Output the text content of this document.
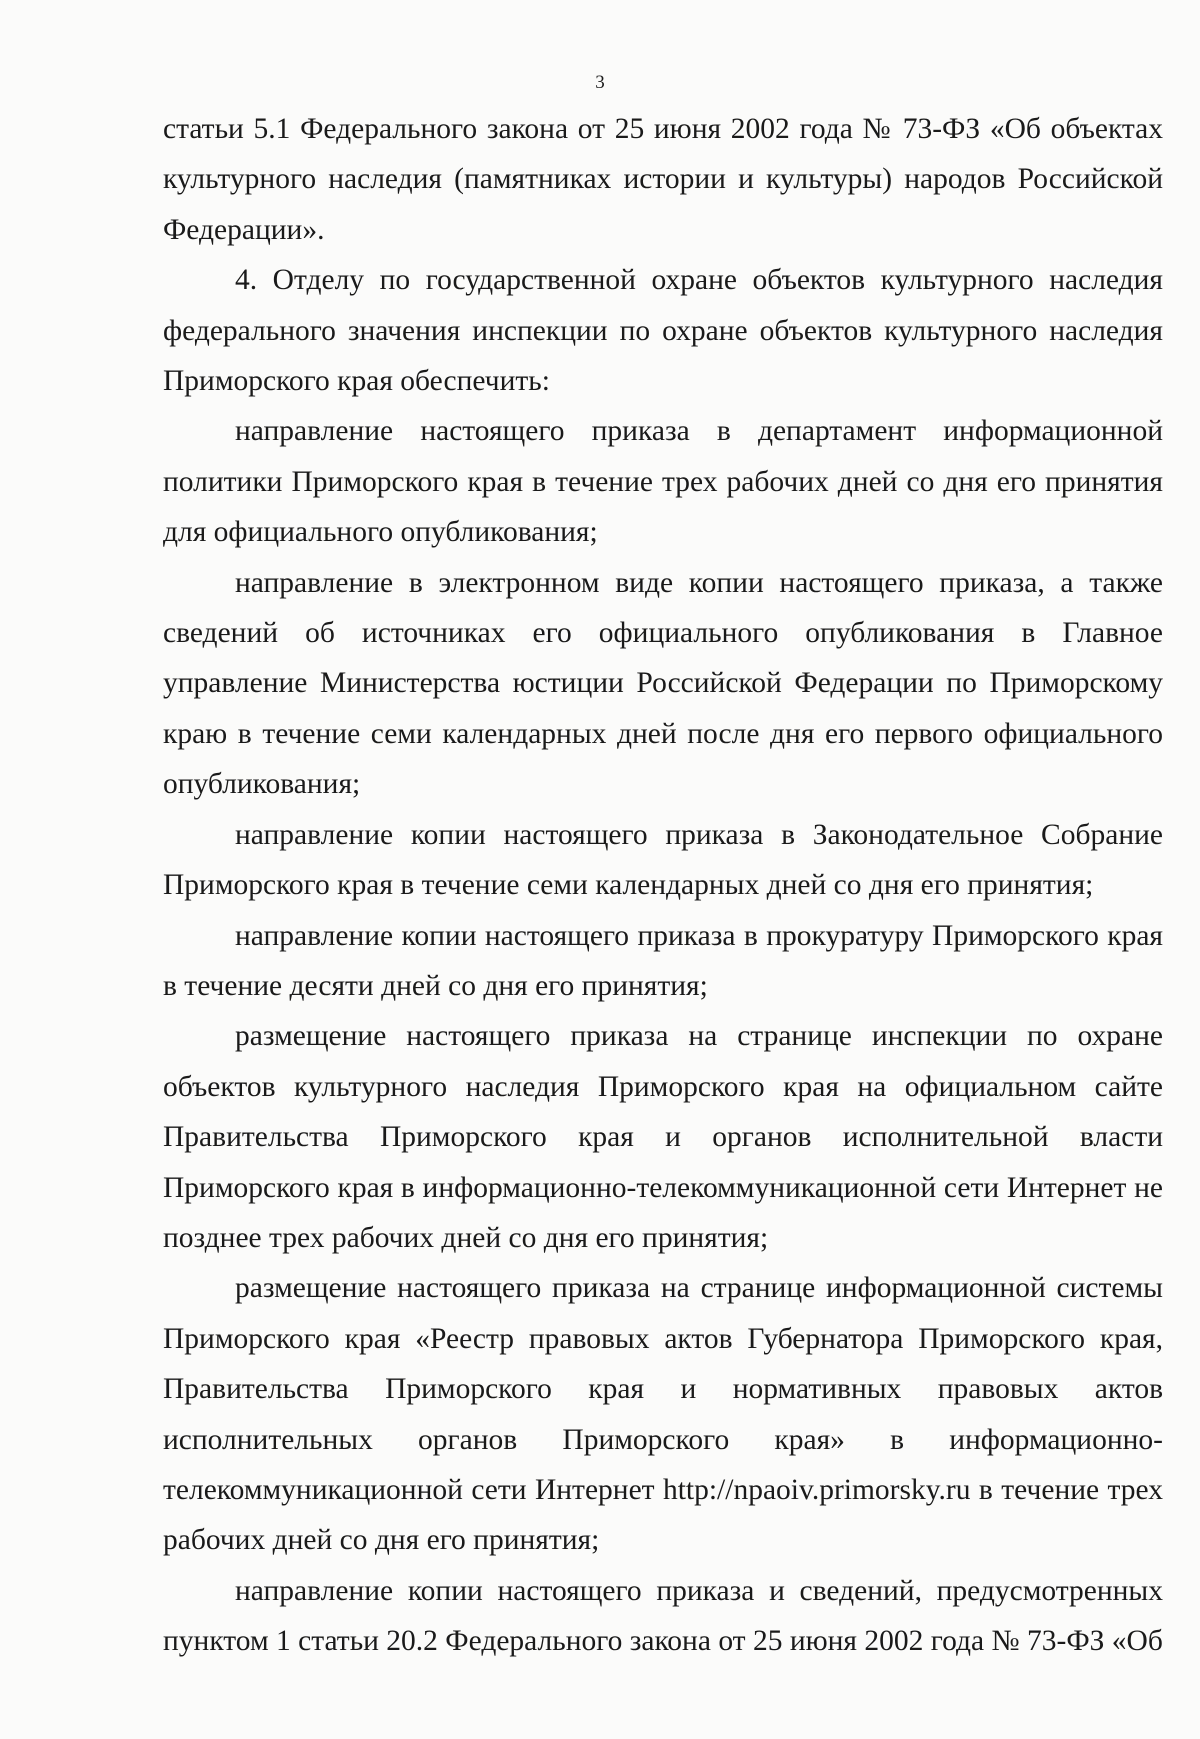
3

статьи 5.1 Федерального закона от 25 июня 2002 года № 73-ФЗ «Об объектах культурного наследия (памятниках истории и культуры) народов Российской Федерации».

4. Отделу по государственной охране объектов культурного наследия федерального значения инспекции по охране объектов культурного наследия Приморского края обеспечить:

направление настоящего приказа в департамент информационной политики Приморского края в течение трех рабочих дней со дня его принятия для официального опубликования;

направление в электронном виде копии настоящего приказа, а также сведений об источниках его официального опубликования в Главное управление Министерства юстиции Российской Федерации по Приморскому краю в течение семи календарных дней после дня его первого официального опубликования;

направление копии настоящего приказа в Законодательное Собрание Приморского края в течение семи календарных дней со дня его принятия;

направление копии настоящего приказа в прокуратуру Приморского края в течение десяти дней со дня его принятия;

размещение настоящего приказа на странице инспекции по охране объектов культурного наследия Приморского края на официальном сайте Правительства Приморского края и органов исполнительной власти Приморского края в информационно-телекоммуникационной сети Интернет не позднее трех рабочих дней со дня его принятия;

размещение настоящего приказа на странице информационной системы Приморского края «Реестр правовых актов Губернатора Приморского края, Правительства Приморского края и нормативных правовых актов исполнительных органов Приморского края» в информационно-телекоммуникационной сети Интернет http://npaoiv.primorsky.ru в течение трех рабочих дней со дня его принятия;

направление копии настоящего приказа и сведений, предусмотренных пунктом 1 статьи 20.2 Федерального закона от 25 июня 2002 года № 73-ФЗ «Об
